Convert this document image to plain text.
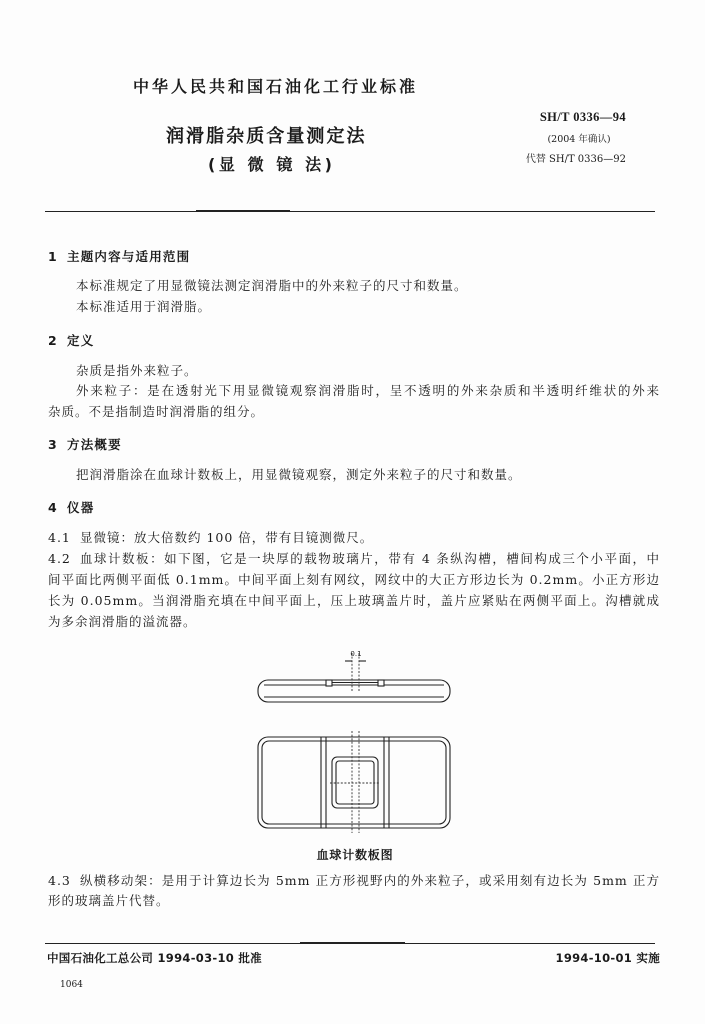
中华人民共和国石油化工行业标准
SH/T 0336—94
(2004 年确认)
代替 SH/T 0336—92
润滑脂杂质含量测定法
(显 微 镜 法)
1 主题内容与适用范围
本标准规定了用显微镜法测定润滑脂中的外来粒子的尺寸和数量。
本标准适用于润滑脂。
2 定义
杂质是指外来粒子。
外来粒子：是在透射光下用显微镜观察润滑脂时，呈不透明的外来杂质和半透明纤维状的外来
杂质。不是指制造时润滑脂的组分。
3 方法概要
把润滑脂涂在血球计数板上，用显微镜观察，测定外来粒子的尺寸和数量。
4 仪器
4.1 显微镜：放大倍数约 100 倍，带有目镜测微尺。
4.2 血球计数板：如下图，它是一块厚的载物玻璃片，带有 4 条纵沟槽，槽间构成三个小平面，中
间平面比两侧平面低 0.1mm。中间平面上刻有网纹，网纹中的大正方形边长为 0.2mm。小正方形边
长为 0.05mm。当润滑脂充填在中间平面上，压上玻璃盖片时，盖片应紧贴在两侧平面上。沟槽就成
为多余润滑脂的溢流器。
0.1
血球计数板图
4.3 纵横移动架：是用于计算边长为 5mm 正方形视野内的外来粒子，或采用刻有边长为 5mm 正方
形的玻璃盖片代替。
中国石油化工总公司 1994-03-10 批准	1994-10-01 实施
1064
